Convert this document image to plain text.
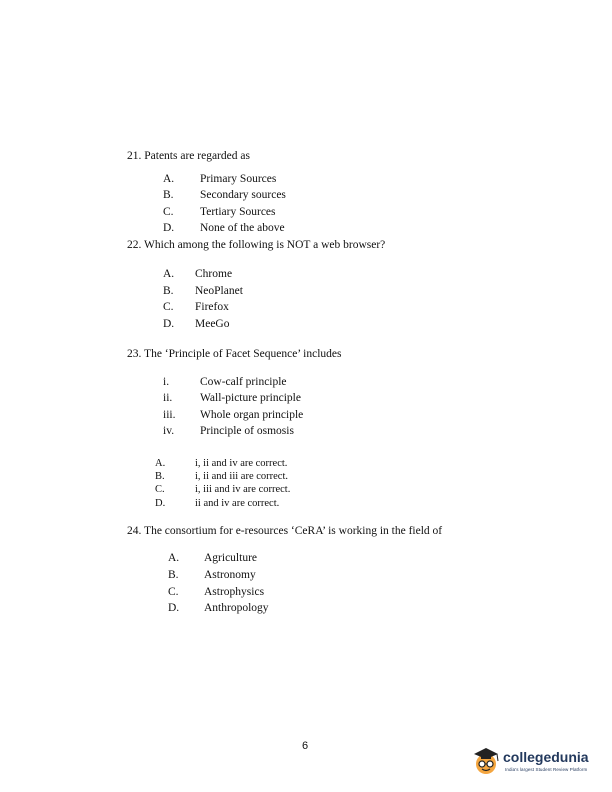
21. Patents are regarded as
A. Primary Sources
B. Secondary sources
C. Tertiary Sources
D. None of the above
22. Which among the following is NOT a web browser?
A. Chrome
B. NeoPlanet
C. Firefox
D. MeeGo
23. The ‘Principle of Facet Sequence’ includes
i.	Cow-calf principle
ii. Wall-picture principle
iii. Whole organ principle
iv. Principle of osmosis
A.	i, ii and iv are correct.
B.	i, ii and iii are correct.
C.	i, iii and iv are correct.
D.	ii and iv are correct.
24. The consortium for e-resources ‘CeRA’ is working in the field of
A. Agriculture
B. Astronomy
C. Astrophysics
D. Anthropology
6
collegedunia
India's largest Student Review Platform
